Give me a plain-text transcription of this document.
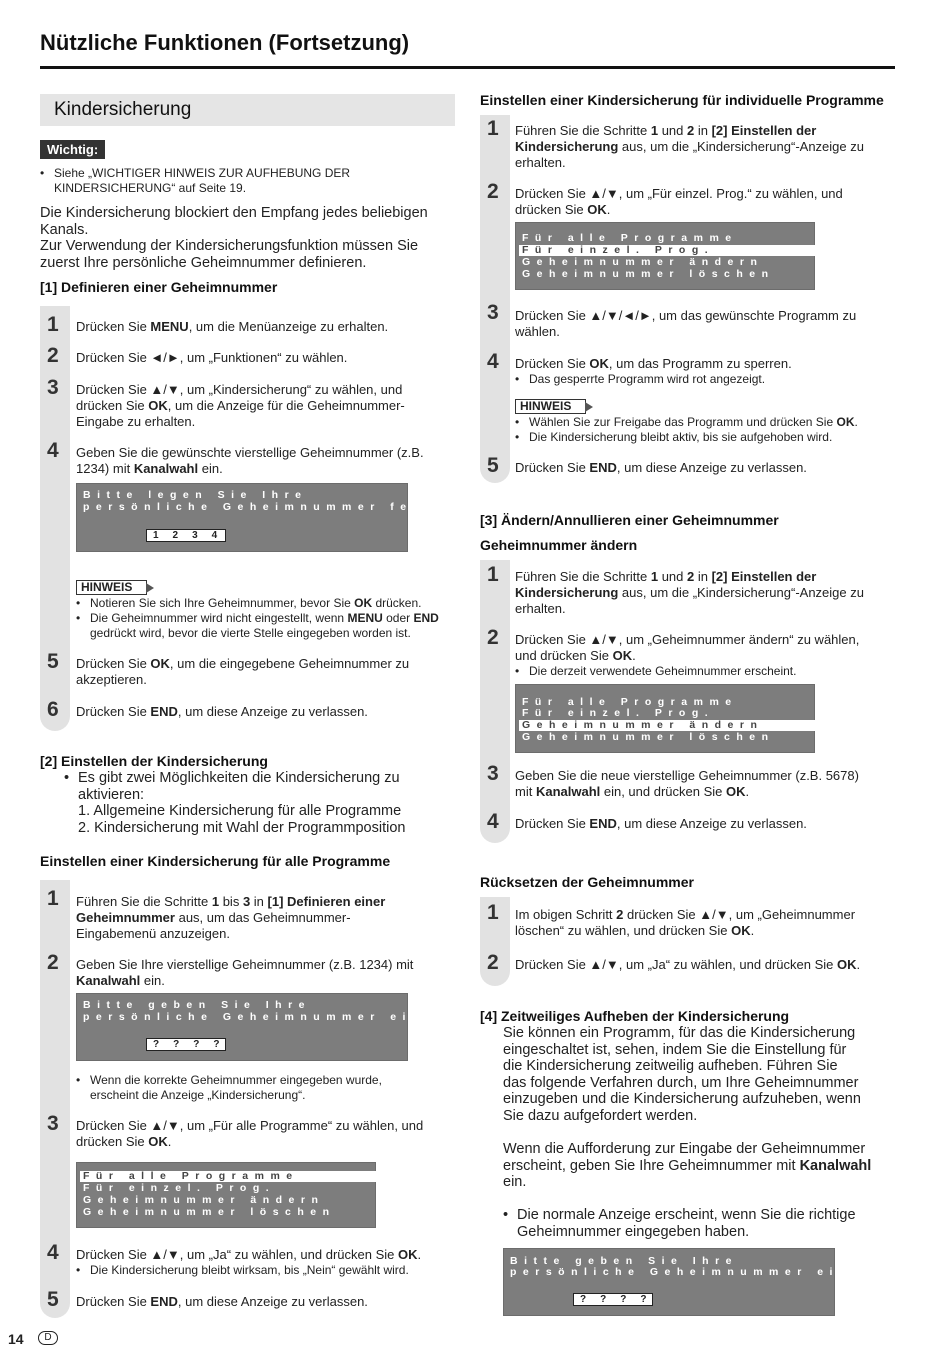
Nützliche Funktionen (Fortsetzung)
Kindersicherung
Wichtig:
• Siehe „WICHTIGER HINWEIS ZUR AUFHEBUNG DER
KINDERSICHERUNG“ auf Seite 19.
Die Kindersicherung blockiert den Empfang jedes beliebigen
Kanals.
Zur Verwendung der Kindersicherungsfunktion müssen Sie
zuerst Ihre persönliche Geheimnummer definieren.
[1] Definieren einer Geheimnummer
1 Drücken Sie MENU, um die Menüanzeige zu erhalten.
2 Drücken Sie ◄/►, um „Funktionen“ zu wählen.
3 Drücken Sie ▲/▼, um „Kindersicherung“ zu wählen, und
drücken Sie OK, um die Anzeige für die Geheimnummer-
Eingabe zu erhalten.
4 Geben Sie die gewünschte vierstellige Geheimnummer (z.B.
1234) mit Kanalwahl ein.
Bitte legen Sie Ihre
persönliche Geheimnummer fest.
1234
HINWEIS
• Notieren Sie sich Ihre Geheimnummer, bevor Sie OK drücken.
• Die Geheimnummer wird nicht eingestellt, wenn MENU oder END
gedrückt wird, bevor die vierte Stelle eingegeben worden ist.
5 Drücken Sie OK, um die eingegebene Geheimnummer zu
akzeptieren.
6 Drücken Sie END, um diese Anzeige zu verlassen.
[2] Einstellen der Kindersicherung
• Es gibt zwei Möglichkeiten die Kindersicherung zu
aktivieren:
1. Allgemeine Kindersicherung für alle Programme
2. Kindersicherung mit Wahl der Programmposition
Einstellen einer Kindersicherung für alle Programme
1 Führen Sie die Schritte 1 bis 3 in [1] Definieren einer
Geheimnummer aus, um das Geheimnummer-
Eingabemenü anzuzeigen.
2 Geben Sie Ihre vierstellige Geheimnummer (z.B. 1234) mit
Kanalwahl ein.
Bitte geben Sie Ihre
persönliche Geheimnummer ein
????
• Wenn die korrekte Geheimnummer eingegeben wurde,
erscheint die Anzeige „Kindersicherung“.
3 Drücken Sie ▲/▼, um „Für alle Programme“ zu wählen, und
drücken Sie OK.
Für alle Programme
Für einzel. Prog.
Geheimnummer ändern
Geheimnummer löschen
4 Drücken Sie ▲/▼, um „Ja“ zu wählen, und drücken Sie OK.
• Die Kindersicherung bleibt wirksam, bis „Nein“ gewählt wird.
5 Drücken Sie END, um diese Anzeige zu verlassen.
Einstellen einer Kindersicherung für individuelle Programme
1 Führen Sie die Schritte 1 und 2 in [2] Einstellen der
Kindersicherung aus, um die „Kindersicherung“-Anzeige zu
erhalten.
2 Drücken Sie ▲/▼, um „Für einzel. Prog.“ zu wählen, und
drücken Sie OK.
Für alle Programme
Für einzel. Prog.
Geheimnummer ändern
Geheimnummer löschen
3 Drücken Sie ▲/▼/◄/►, um das gewünschte Programm zu
wählen.
4 Drücken Sie OK, um das Programm zu sperren.
• Das gesperrte Programm wird rot angezeigt.
HINWEIS
• Wählen Sie zur Freigabe das Programm und drücken Sie OK.
• Die Kindersicherung bleibt aktiv, bis sie aufgehoben wird.
5 Drücken Sie END, um diese Anzeige zu verlassen.
[3] Ändern/Annullieren einer Geheimnummer
Geheimnummer ändern
1 Führen Sie die Schritte 1 und 2 in [2] Einstellen der
Kindersicherung aus, um die „Kindersicherung“-Anzeige zu
erhalten.
2 Drücken Sie ▲/▼, um „Geheimnummer ändern“ zu wählen,
und drücken Sie OK.
• Die derzeit verwendete Geheimnummer erscheint.
Für alle Programme
Für einzel. Prog.
Geheimnummer ändern
Geheimnummer löschen
3 Geben Sie die neue vierstellige Geheimnummer (z.B. 5678)
mit Kanalwahl ein, und drücken Sie OK.
4 Drücken Sie END, um diese Anzeige zu verlassen.
Rücksetzen der Geheimnummer
1 Im obigen Schritt 2 drücken Sie ▲/▼, um „Geheimnummer
löschen“ zu wählen, und drücken Sie OK.
2 Drücken Sie ▲/▼, um „Ja“ zu wählen, und drücken Sie OK.
[4] Zeitweiliges Aufheben der Kindersicherung
Sie können ein Programm, für das die Kindersicherung
eingeschaltet ist, sehen, indem Sie die Einstellung für
die Kindersicherung zeitweilig aufheben. Führen Sie
das folgende Verfahren durch, um Ihre Geheimnummer
einzugeben und die Kindersicherung aufzuheben, wenn
Sie dazu aufgefordert werden.
Wenn die Aufforderung zur Eingabe der Geheimnummer
erscheint, geben Sie Ihre Geheimnummer mit Kanalwahl
ein.
• Die normale Anzeige erscheint, wenn Sie die richtige
Geheimnummer eingegeben haben.
Bitte geben Sie Ihre
persönliche Geheimnummer ein
????
14	D
